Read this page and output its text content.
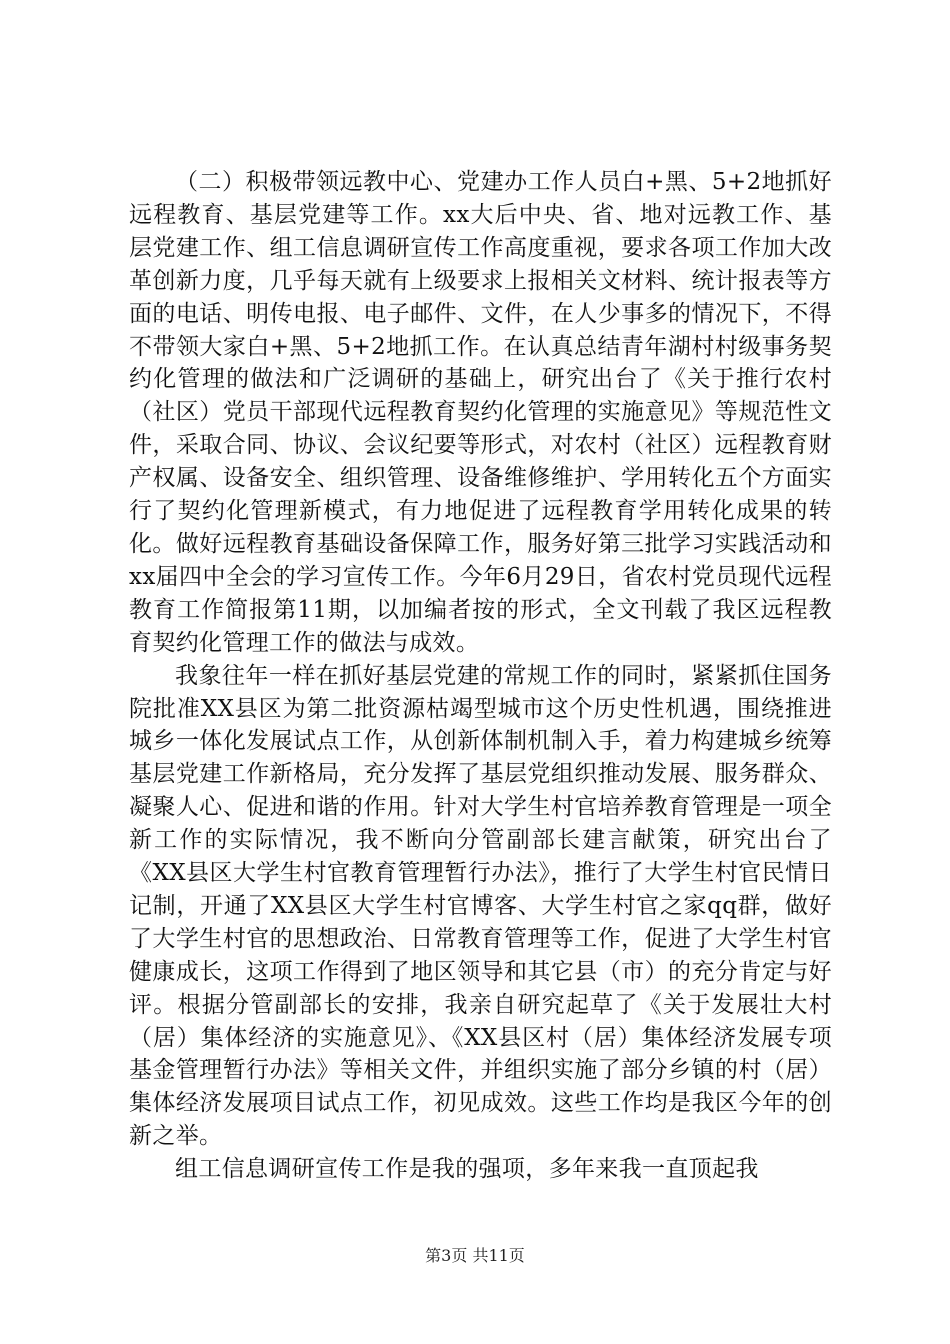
（二）积极带领远教中心、党建办工作人员白+黑、5+2地抓好远程教育、基层党建等工作。xx大后中央、省、地对远教工作、基层党建工作、组工信息调研宣传工作高度重视，要求各项工作加大改革创新力度，几乎每天就有上级要求上报相关文材料、统计报表等方面的电话、明传电报、电子邮件、文件，在人少事多的情况下，不得不带领大家白+黑、5+2地抓工作。在认真总结青年湖村村级事务契约化管理的做法和广泛调研的基础上，研究出台了《关于推行农村（社区）党员干部现代远程教育契约化管理的实施意见》等规范性文件，采取合同、协议、会议纪要等形式，对农村（社区）远程教育财产权属、设备安全、组织管理、设备维修维护、学用转化五个方面实行了契约化管理新模式，有力地促进了远程教育学用转化成果的转化。做好远程教育基础设备保障工作，服务好第三批学习实践活动和xx届四中全会的学习宣传工作。今年6月29日，省农村党员现代远程教育工作简报第11期，以加编者按的形式，全文刊载了我区远程教育契约化管理工作的做法与成效。

我象往年一样在抓好基层党建的常规工作的同时，紧紧抓住国务院批准XX县区为第二批资源枯竭型城市这个历史性机遇，围绕推进城乡一体化发展试点工作，从创新体制机制入手，着力构建城乡统筹基层党建工作新格局，充分发挥了基层党组织推动发展、服务群众、凝聚人心、促进和谐的作用。针对大学生村官培养教育管理是一项全新工作的实际情况，我不断向分管副部长建言献策，研究出台了《XX县区大学生村官教育管理暂行办法》，推行了大学生村官民情日记制，开通了XX县区大学生村官博客、大学生村官之家qq群，做好了大学生村官的思想政治、日常教育管理等工作，促进了大学生村官健康成长，这项工作得到了地区领导和其它县（市）的充分肯定与好评。根据分管副部长的安排，我亲自研究起草了《关于发展壮大村（居）集体经济的实施意见》、《XX县区村（居）集体经济发展专项基金管理暂行办法》等相关文件，并组织实施了部分乡镇的村（居）集体经济发展项目试点工作，初见成效。这些工作均是我区今年的创新之举。

组工信息调研宣传工作是我的强项，多年来我一直顶起我

第3页 共11页
